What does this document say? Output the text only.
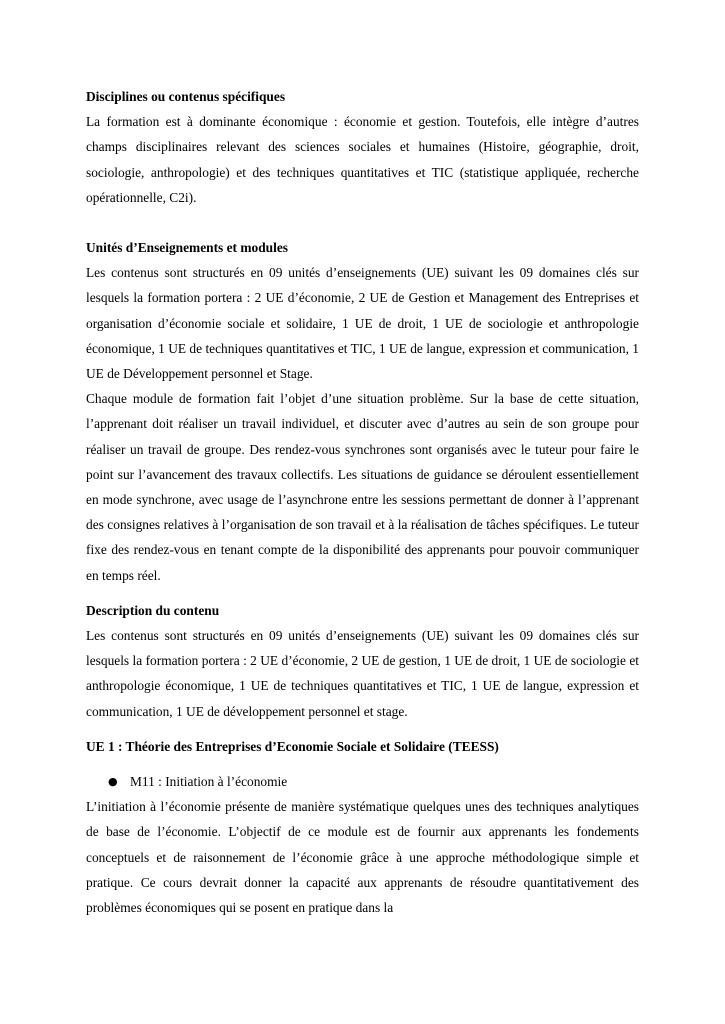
Disciplines ou contenus spécifiques

La formation est à dominante économique : économie et gestion. Toutefois, elle intègre d’autres champs disciplinaires relevant des sciences sociales et humaines (Histoire, géographie, droit, sociologie, anthropologie) et des techniques quantitatives et TIC (statistique appliquée, recherche opérationnelle, C2i).

Unités d’Enseignements et modules

Les contenus sont structurés en 09 unités d’enseignements (UE) suivant les 09 domaines clés sur lesquels la formation portera : 2 UE d’économie, 2 UE de Gestion et Management des Entreprises et organisation d’économie sociale et solidaire, 1 UE de droit, 1 UE de sociologie et anthropologie économique, 1 UE de techniques quantitatives et TIC, 1 UE de langue, expression et communication, 1 UE de Développement personnel et Stage.

Chaque module de formation fait l’objet d’une situation problème. Sur la base de cette situation, l’apprenant doit réaliser un travail individuel, et discuter avec d’autres au sein de son groupe pour réaliser un travail de groupe. Des rendez-vous synchrones sont organisés avec le tuteur pour faire le point sur l’avancement des travaux collectifs. Les situations de guidance se déroulent essentiellement en mode synchrone, avec usage de l’asynchrone entre les sessions permettant de donner à l’apprenant des consignes relatives à l’organisation de son travail et à la réalisation de tâches spécifiques. Le tuteur fixe des rendez-vous en tenant compte de la disponibilité des apprenants pour pouvoir communiquer en temps réel.

Description du contenu

Les contenus sont structurés en 09 unités d’enseignements (UE) suivant les 09 domaines clés sur lesquels la formation portera : 2 UE d’économie, 2 UE de gestion, 1 UE de droit, 1 UE de sociologie et anthropologie économique, 1 UE de techniques quantitatives et TIC, 1 UE de langue, expression et communication, 1 UE de développement personnel et stage.

UE 1 : Théorie des Entreprises d’Economie Sociale et Solidaire (TEESS)

● M11 : Initiation à l’économie

L’initiation à l’économie présente de manière systématique quelques unes des techniques analytiques de base de l’économie. L’objectif de ce module est de fournir aux apprenants les fondements conceptuels et de raisonnement de l’économie grâce à une approche méthodologique simple et pratique. Ce cours devrait donner la capacité aux apprenants de résoudre quantitativement des problèmes économiques qui se posent en pratique dans la
